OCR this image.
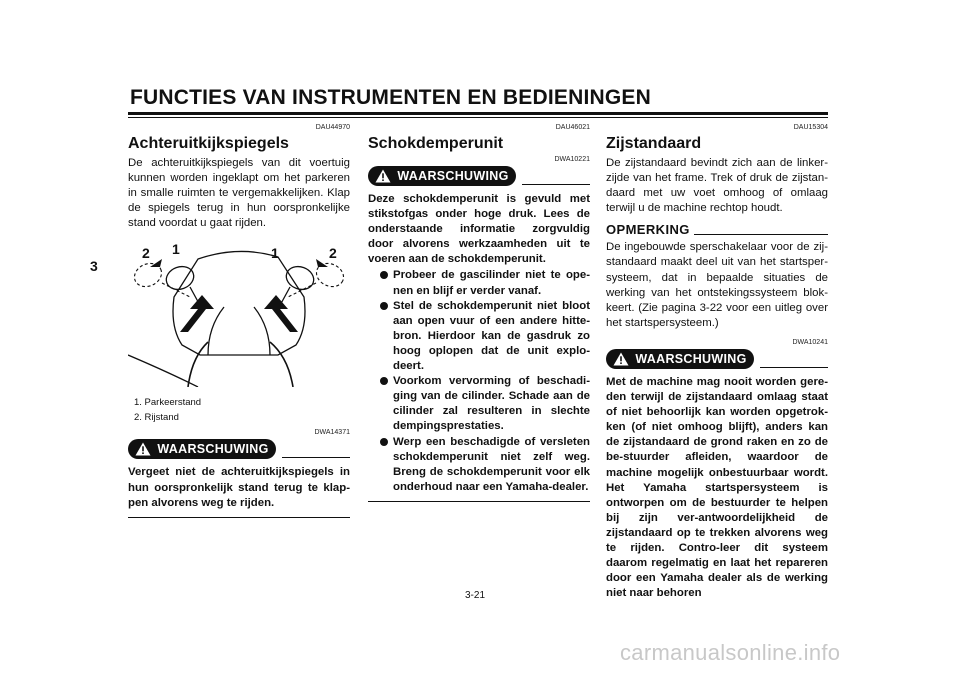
FUNCTIES VAN INSTRUMENTEN EN BEDIENINGEN
3
DAU44970
Achteruitkijkspiegels

De achteruitkijkspiegels van dit voertuig kunnen worden ingeklapt om het parkeren in smalle ruimten te vergemakkelijken. Klap de spiegels terug in hun oorspronkelijke stand voordat u gaat rijden.

2 1	1	2
1. Parkeerstand
2. Rijstand
DWA14371
WAARSCHUWING

Vergeet niet de achteruitkijkspiegels in hun oorspronkelijk stand terug te klap-pen alvorens weg te rijden.

DAU46021
Schokdemperunit
DWA10221
WAARSCHUWING

Deze schokdemperunit is gevuld met stikstofgas onder hoge druk. Lees de onderstaande informatie zorgvuldig door alvorens werkzaamheden uit te voeren aan de schokdemperunit.

Probeer de gascilinder niet te ope-nen en blijf er verder vanaf.
Stel de schokdemperunit niet bloot aan open vuur of een andere hitte-bron. Hierdoor kan de gasdruk zo hoog oplopen dat de unit explo-deert.
Voorkom vervorming of beschadi-ging van de cilinder. Schade aan de cilinder zal resulteren in slechte dempingsprestaties.
Werp een beschadigde of versleten schokdemperunit niet zelf weg. Breng de schokdemperunit voor elk onderhoud naar een Yamaha-dealer.
DAU15304
Zijstandaard

De zijstandaard bevindt zich aan de linker-zijde van het frame. Trek of druk de zijstan-daard met uw voet omhoog of omlaag terwijl u de machine rechtop houdt.

OPMERKING

De ingebouwde sperschakelaar voor de zij-standaard maakt deel uit van het startsper-systeem, dat in bepaalde situaties de werking van het ontstekingssysteem blok-keert. (Zie pagina 3-22 voor een uitleg over het startspersysteem.)

DWA10241
WAARSCHUWING

Met de machine mag nooit worden gere-den terwijl de zijstandaard omlaag staat of niet behoorlijk kan worden opgetrok-ken (of niet omhoog blijft), anders kan de zijstandaard de grond raken en zo de be-stuurder afleiden, waardoor de machine mogelijk onbestuurbaar wordt. Het Yamaha startspersysteem is ontworpen om de bestuurder te helpen bij zijn ver-antwoordelijkheid de zijstandaard op te trekken alvorens weg te rijden. Contro-leer dit systeem daarom regelmatig en laat het repareren door een Yamaha dealer als de werking niet naar behoren

3-21
carmanualsonline.info
